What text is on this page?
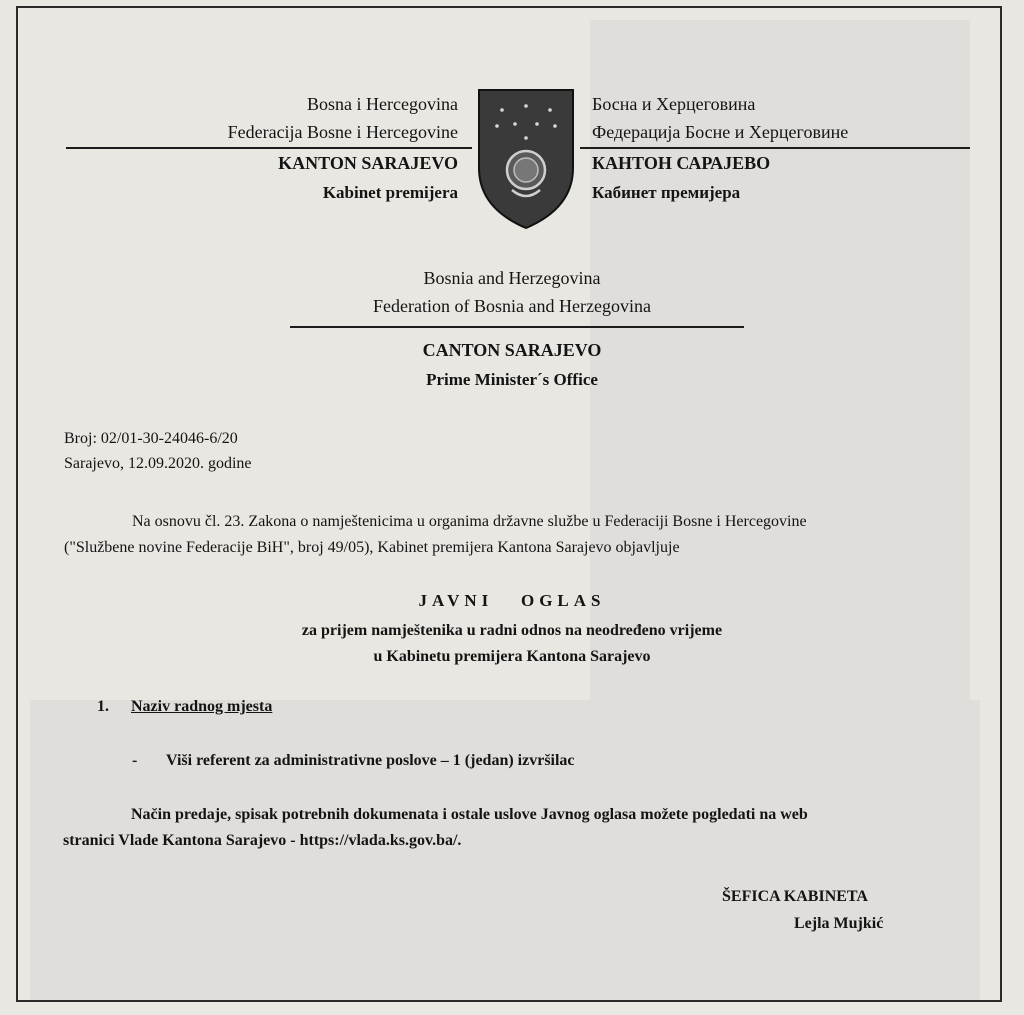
Bosna i Hercegovina
Federacija Bosne i Hercegovine
KANTON SARAJEVO
Kabinet premijera
Босна и Херцеговина
Федерација Босне и Херцеговине
КАНТОН САРАЈЕВО
Кабинет премијера
Bosnia and Herzegovina
Federation of Bosnia and Herzegovina
CANTON SARAJEVO
Prime Minister´s Office
Broj: 02/01-30-24046-6/20
Sarajevo, 12.09.2020. godine
Na osnovu čl. 23. Zakona o namještenicima u organima državne službe u Federaciji Bosne i Hercegovine
("Službene novine Federacije BiH", broj 49/05), Kabinet premijera Kantona Sarajevo objavljuje
JAVNI   OGLAS
za prijem namještenika u radni odnos na neodređeno vrijeme
u Kabinetu premijera Kantona Sarajevo
1. Naziv radnog mjesta
- Viši referent za administrativne poslove – 1 (jedan) izvršilac
Način predaje, spisak potrebnih dokumenata i ostale uslove Javnog oglasa možete pogledati na web
stranici Vlade Kantona Sarajevo - https://vlada.ks.gov.ba/.
ŠEFICA KABINETA
Lejla Mujkić
